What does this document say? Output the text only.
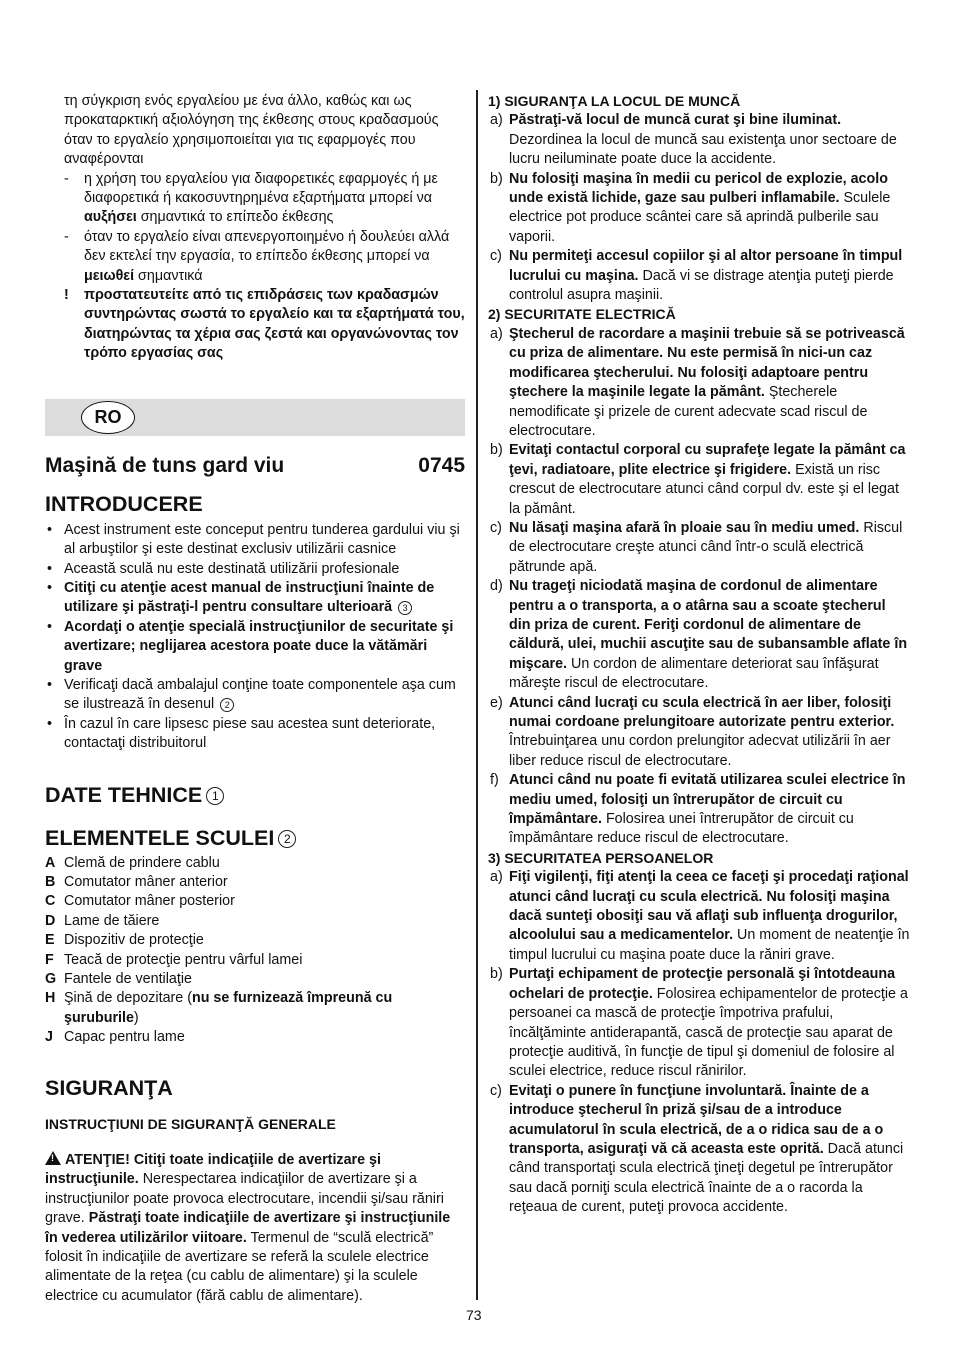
τη σύγκριση ενός εργαλείου με ένα άλλο, καθώς και ως προκαταρκτική αξιολόγηση της έκθεσης στους κραδασμούς όταν το εργαλείο χρησιμοποιείται για τις εφαρμογές που αναφέρονται
- η χρήση του εργαλείου για διαφορετικές εφαρμογές ή με διαφορετικά ή κακοσυντηρημένα εξαρτήματα μπορεί να αυξήσει σημαντικά το επίπεδο έκθεσης
- όταν το εργαλείο είναι απενεργοποιημένο ή δουλεύει αλλά δεν εκτελεί την εργασία, το επίπεδο έκθεσης μπορεί να μειωθεί σημαντικά
! προστατευτείτε από τις επιδράσεις των κραδασμών συντηρώντας σωστά το εργαλείο και τα εξαρτήματά του, διατηρώντας τα χέρια σας ζεστά και οργανώνοντας τον τρόπο εργασίας σας
RO
Maşină de tuns gard viu	0745
INTRODUCERE
• Acest instrument este conceput pentru tunderea gardului viu şi al arbuştilor şi este destinat exclusiv utilizării casnice
• Această sculă nu este destinată utilizării profesionale
• Citiţi cu atenţie acest manual de instrucţiuni înainte de utilizare şi păstraţi-l pentru consultare ulterioară 3
• Acordaţi o atenţie specială instrucţiunilor de securitate şi avertizare; neglijarea acestora poate duce la vătămări grave
• Verificaţi dacă ambalajul conţine toate componentele aşa cum se ilustrează în desenul 2
• În cazul în care lipsesc piese sau acestea sunt deteriorate, contactaţi distribuitorul
DATE TEHNICE 1
ELEMENTELE SCULEI 2
A Clemă de prindere cablu
B Comutator mâner anterior
C Comutator mâner posterior
D Lame de tăiere
E Dispozitiv de protecţie
F Teacă de protecţie pentru vârful lamei
G Fantele de ventilaţie
H Şină de depozitare (nu se furnizează împreună cu şuruburile)
J Capac pentru lame
SIGURANŢA
INSTRUCŢIUNI DE SIGURANŢĂ GENERALE
!ATENŢIE! Citiţi toate indicaţiile de avertizare şi instrucţiunile. Nerespectarea indicaţiilor de avertizare şi a instrucţiunilor poate provoca electrocutare, incendii şi/sau răniri grave. Păstraţi toate indicaţiile de avertizare şi instrucţiunile în vederea utilizărilor viitoare. Termenul de “sculă electrică” folosit în indicaţiile de avertizare se referă la sculele electrice alimentate de la reţea (cu cablu de alimentare) şi la sculele electrice cu acumulator (fără cablu de alimentare).
1) SIGURANŢA LA LOCUL DE MUNCĂ
a) Păstraţi-vă locul de muncă curat şi bine iluminat. Dezordinea la locul de muncă sau existenţa unor sectoare de lucru neiluminate poate duce la accidente.
b) Nu folosiţi maşina în medii cu pericol de explozie, acolo unde există lichide, gaze sau pulberi inflamabile. Sculele electrice pot produce scântei care să aprindă pulberile sau vaporii.
c) Nu permiteţi accesul copiilor şi al altor persoane în timpul lucrului cu maşina. Dacă vi se distrage atenţia puteţi pierde controlul asupra maşinii.
2) SECURITATE ELECTRICĂ
a) Ştecherul de racordare a maşinii trebuie să se potrivească cu priza de alimentare. Nu este permisă în nici-un caz modificarea ştecherului. Nu folosiţi adaptoare pentru ştechere la maşinile legate la pământ. Ştecherele nemodificate şi prizele de curent adecvate scad riscul de electrocutare.
b) Evitaţi contactul corporal cu suprafeţe legate la pământ ca ţevi, radiatoare, plite electrice şi frigidere. Există un risc crescut de electrocutare atunci când corpul dv. este şi el legat la pământ.
c) Nu lăsaţi maşina afară în ploaie sau în mediu umed. Riscul de electrocutare creşte atunci când într-o sculă electrică pătrunde apă.
d) Nu trageţi niciodată maşina de cordonul de alimentare pentru a o transporta, a o atârna sau a scoate ştecherul din priza de curent. Feriţi cordonul de alimentare de căldură, ulei, muchii ascuţite sau de subansamble aflate în mişcare. Un cordon de alimentare deteriorat sau înfăşurat măreşte riscul de electrocutare.
e) Atunci când lucraţi cu scula electrică în aer liber, folosiţi numai cordoane prelungitoare autorizate pentru exterior. Întrebuinţarea unu cordon prelungitor adecvat utilizării în aer liber reduce riscul de electrocutare.
f) Atunci când nu poate fi evitată utilizarea sculei electrice în mediu umed, folosiţi un întrerupător de circuit cu împământare. Folosirea unei întrerupător de circuit cu împământare reduce riscul de electrocutare.
3) SECURITATEA PERSOANELOR
a) Fiţi vigilenţi, fiţi atenţi la ceea ce faceţi şi procedaţi raţional atunci când lucraţi cu scula electrică. Nu folosiţi maşina dacă sunteţi obosiţi sau vă aflaţi sub influenţa drogurilor, alcoolului sau a medicamentelor. Un moment de neatenţie în timpul lucrului cu maşina poate duce la răniri grave.
b) Purtaţi echipament de protecţie personală şi întotdeauna ochelari de protecţie. Folosirea echipamentelor de protecţie a persoanei ca mască de protecţie împotriva prafului, încălţăminte antiderapantă, cască de protecţie sau aparat de protecţie auditivă, în funcţie de tipul şi domeniul de folosire al sculei electrice, reduce riscul rănirilor.
c) Evitaţi o punere în funcţiune involuntară. Înainte de a introduce ştecherul în priză şi/sau de a introduce acumulatorul în scula electrică, de a o ridica sau de a o transporta, asiguraţi vă că aceasta este oprită. Dacă atunci când transportaţi scula electrică ţineţi degetul pe întrerupător sau dacă porniţi scula electrică înainte de a o racorda la reţeaua de curent, puteţi provoca accidente.
73
